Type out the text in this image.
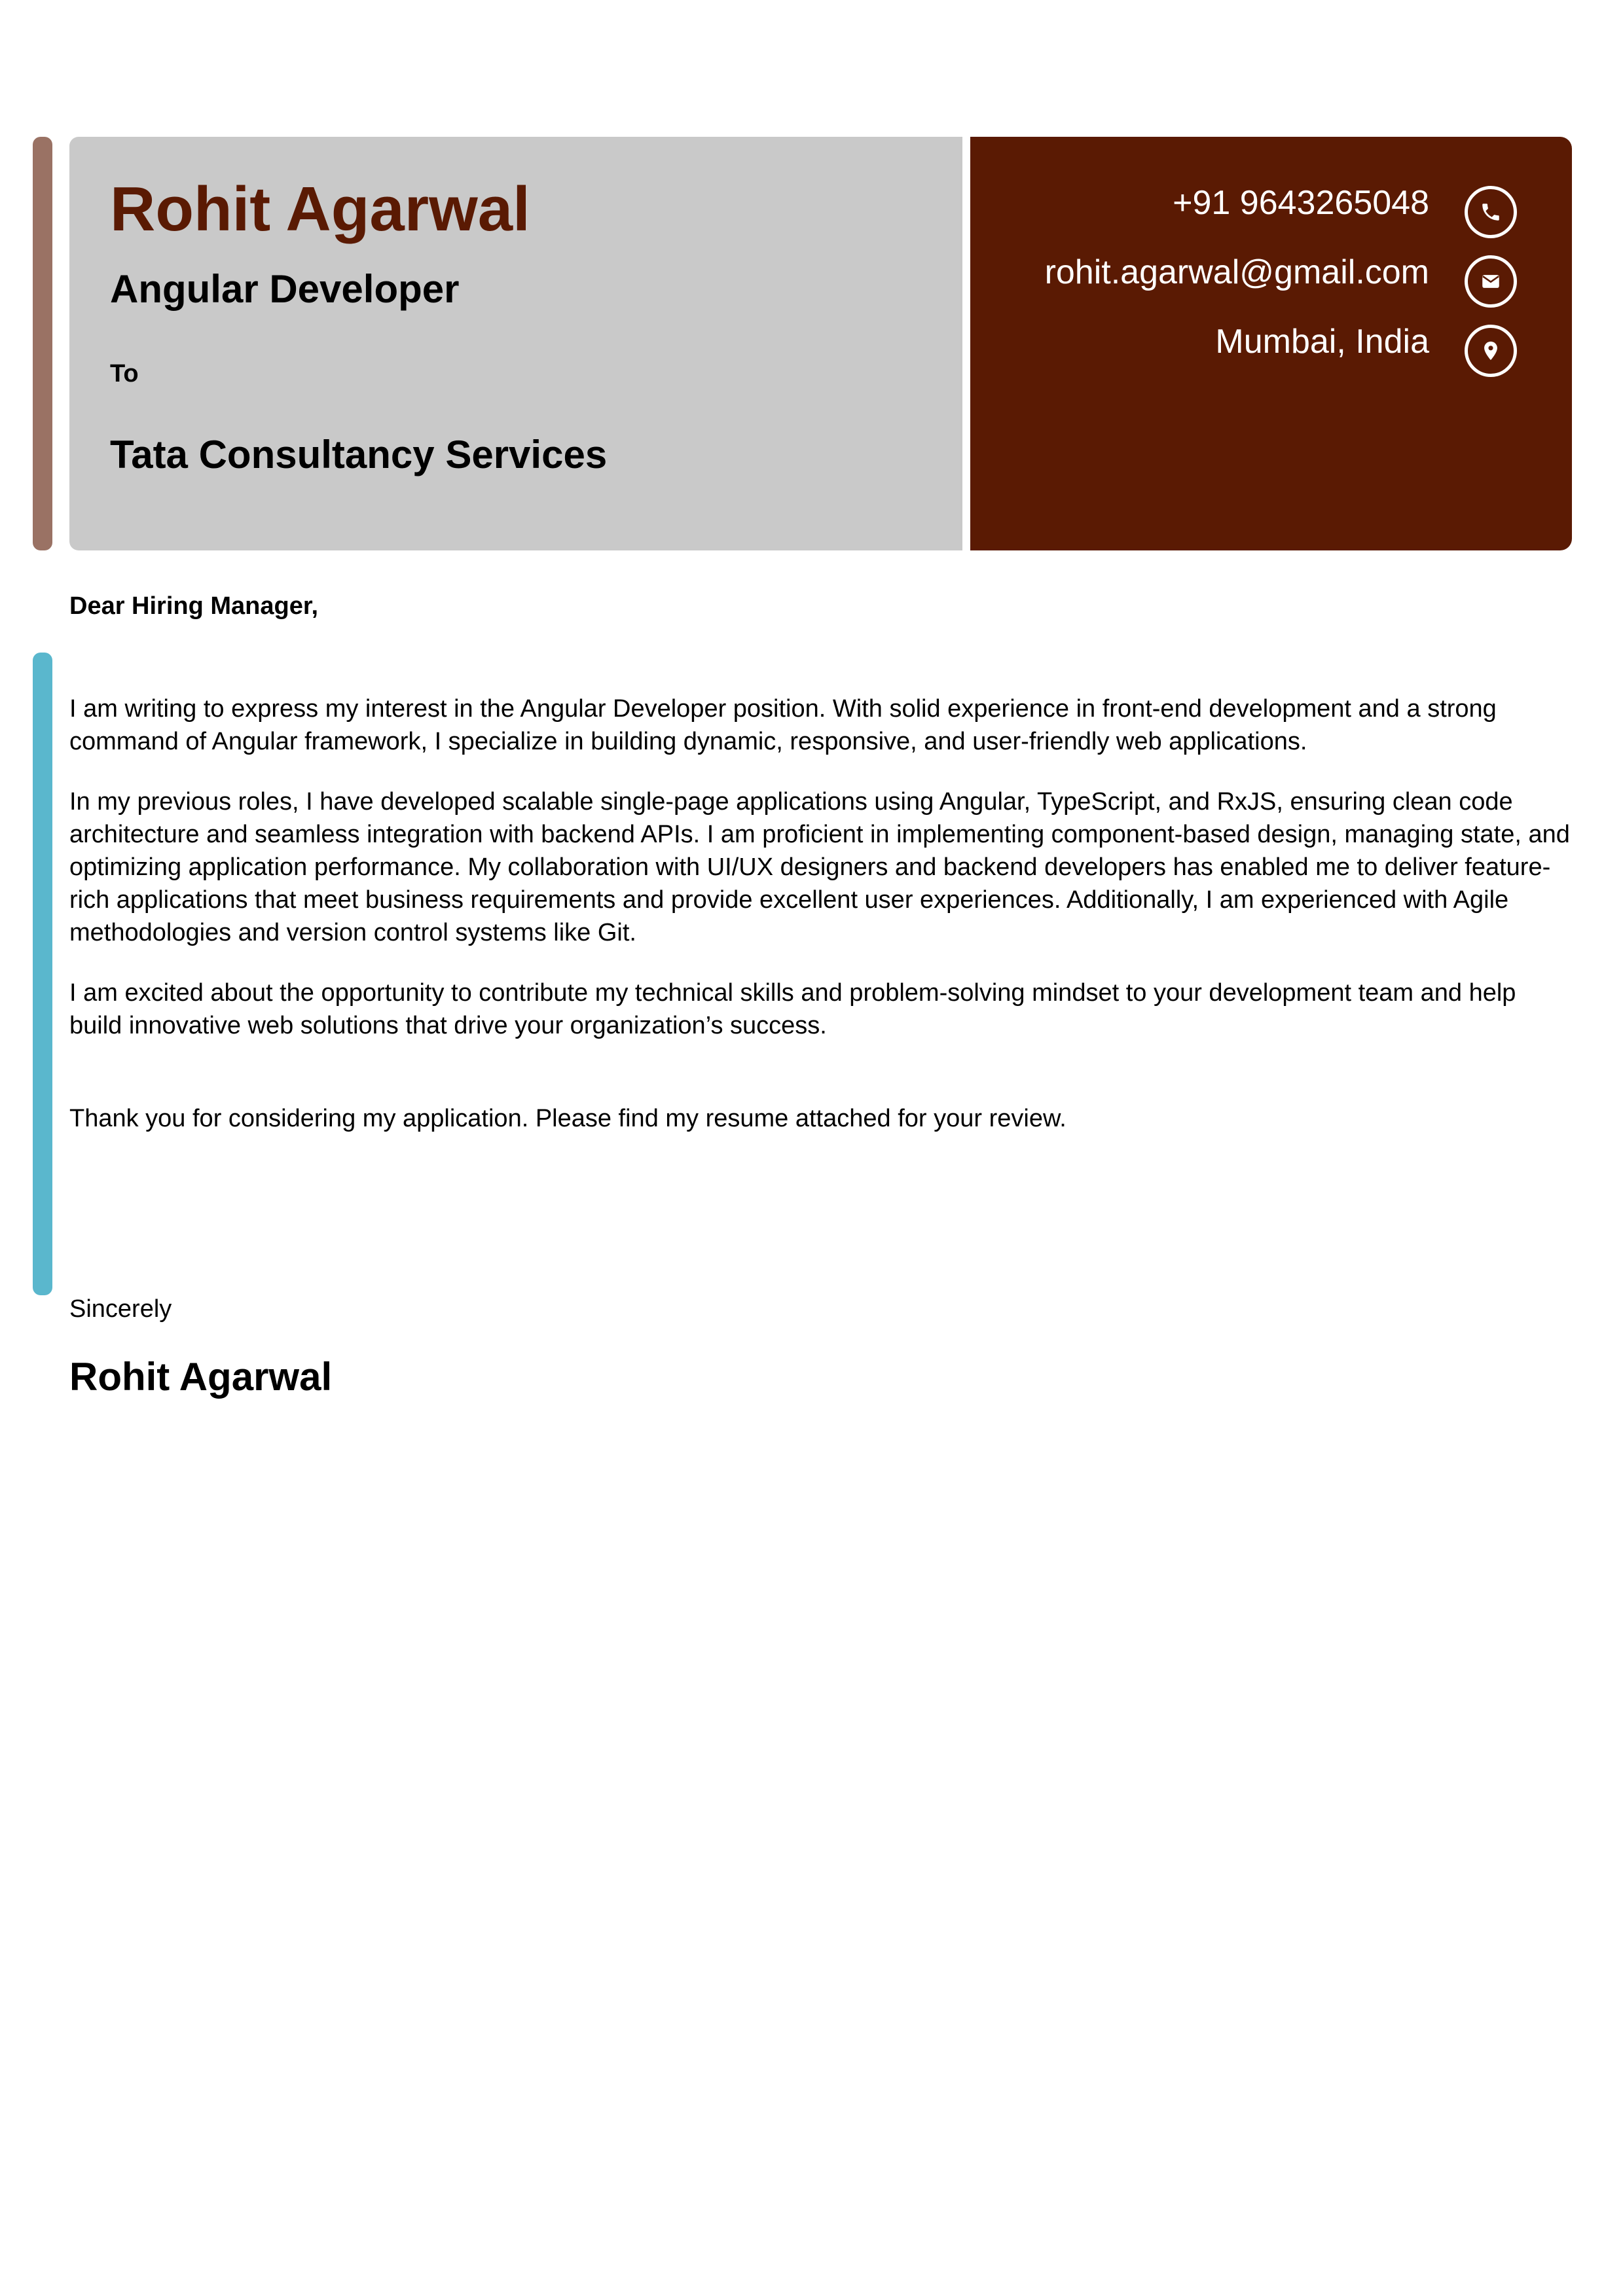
Rohit Agarwal
Angular Developer
To
Tata Consultancy Services
+91 9643265048
rohit.agarwal@gmail.com
Mumbai, India
Dear Hiring Manager,

I am writing to express my interest in the Angular Developer position. With solid experience in front-end development and a strong command of Angular framework, I specialize in building dynamic, responsive, and user-friendly web applications.

In my previous roles, I have developed scalable single-page applications using Angular, TypeScript, and RxJS, ensuring clean code architecture and seamless integration with backend APIs. I am proficient in implementing component-based design, managing state, and optimizing application performance. My collaboration with UI/UX designers and backend developers has enabled me to deliver feature-rich applications that meet business requirements and provide excellent user experiences. Additionally, I am experienced with Agile methodologies and version control systems like Git.

I am excited about the opportunity to contribute my technical skills and problem-solving mindset to your development team and help build innovative web solutions that drive your organization’s success.

Thank you for considering my application. Please find my resume attached for your review.

Sincerely
Rohit Agarwal
